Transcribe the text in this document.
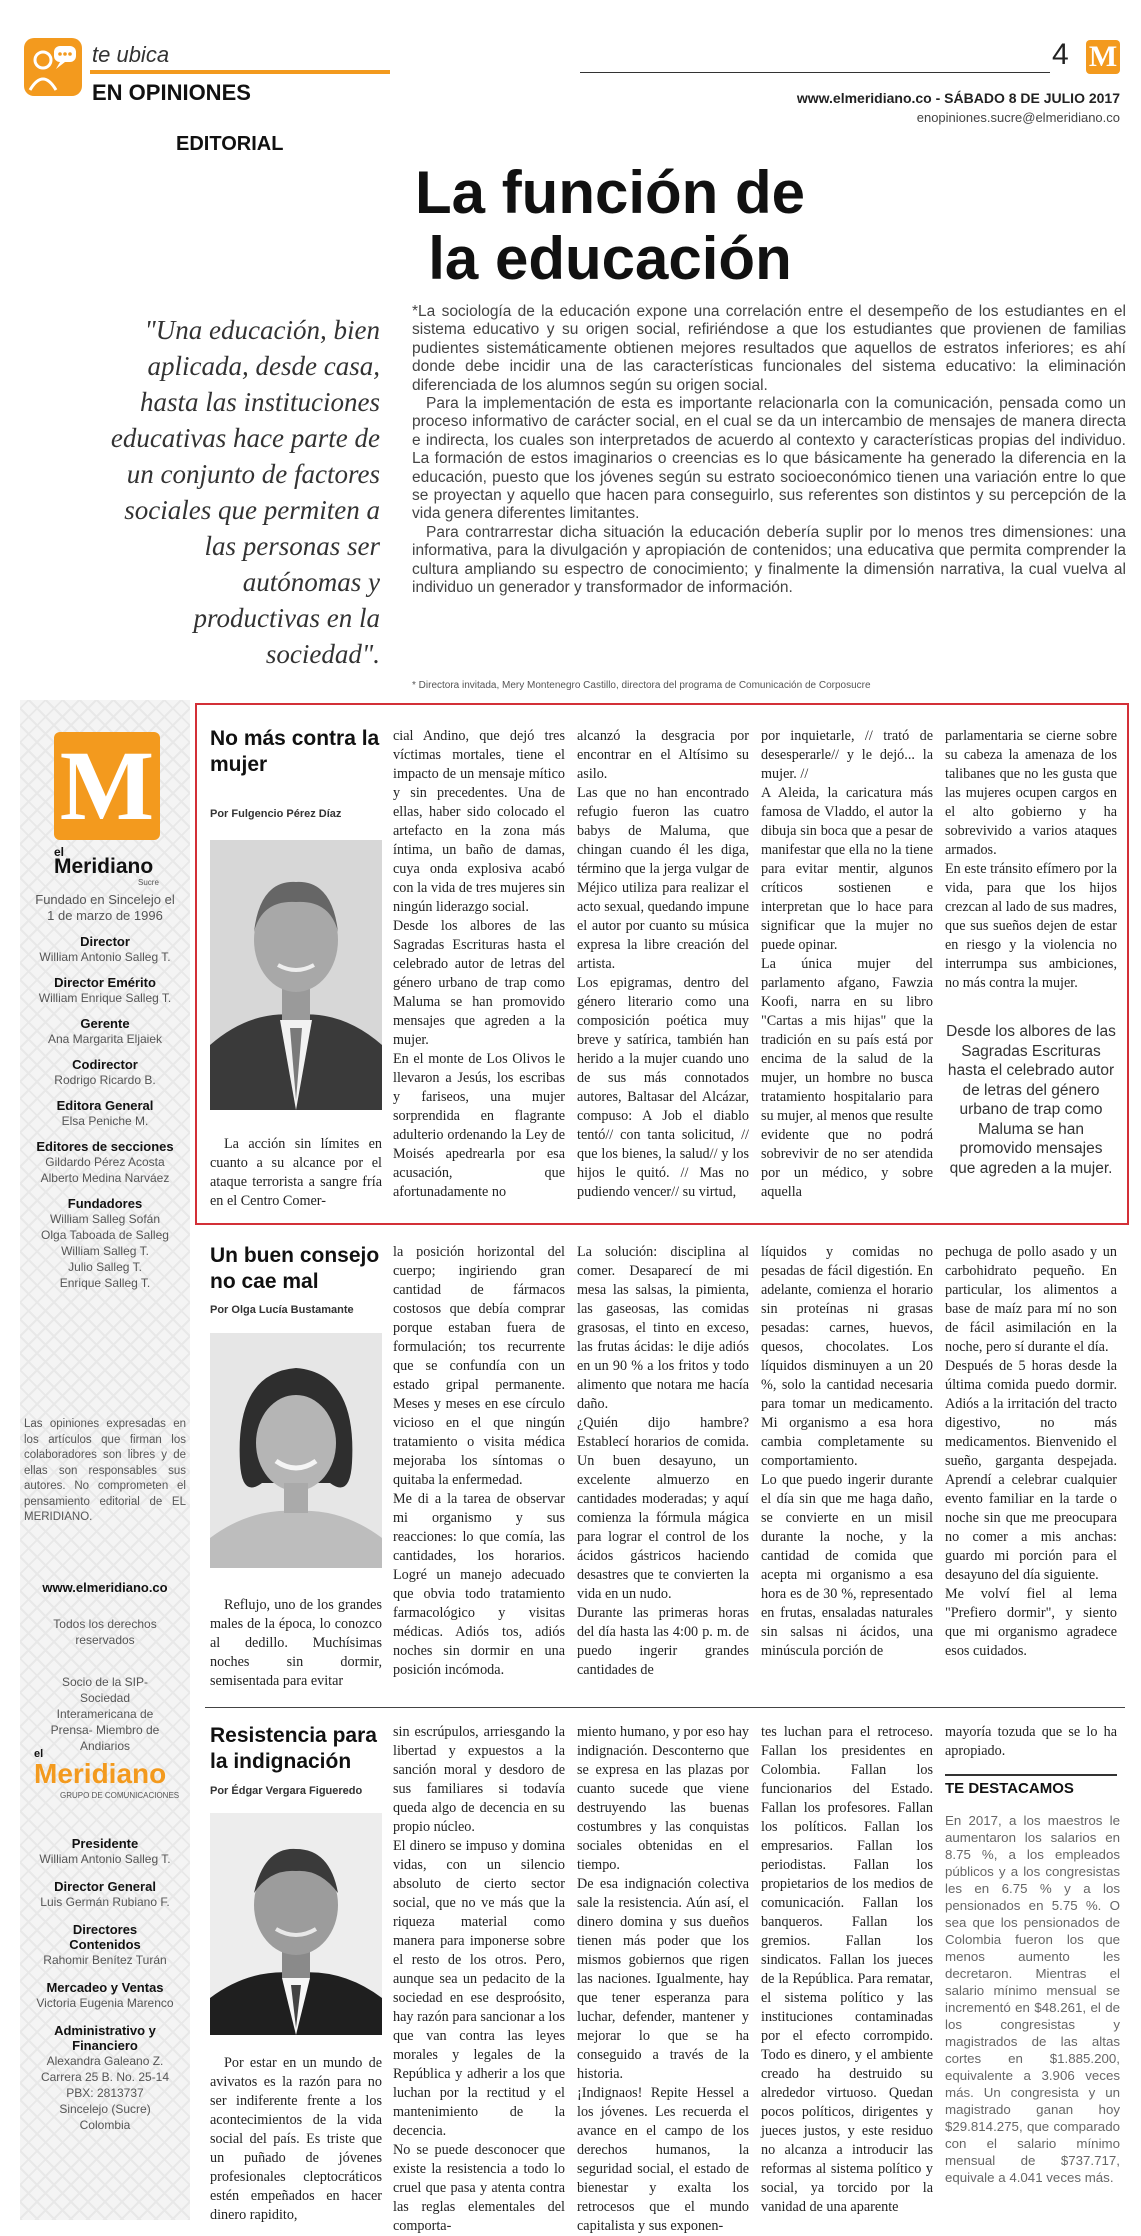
te ubica
EN OPINIONES
4 M
www.elmeridiano.co - SÁBADO 8 DE JULIO 2017
enopiniones.sucre@elmeridiano.co
EDITORIAL
La función de
la educación
"Una educación, bien aplicada, desde casa, hasta las instituciones educativas hace parte de un conjunto de factores sociales que permiten a las personas ser autónomas y productivas en la sociedad".

*La sociología de la educación expone una correlación entre el desempeño de los estudiantes en el sistema educativo y su origen social, refiriéndose a que los estudiantes que provienen de familias pudientes sistemáticamente obtienen mejores resultados que aquellos de estratos inferiores; es ahí donde debe incidir una de las características funcionales del sistema educativo: la eliminación diferenciada de los alumnos según su origen social.

Para la implementación de esta es importante relacionarla con la comunicación, pensada como un proceso informativo de carácter social, en el cual se da un intercambio de mensajes de manera directa e indirecta, los cuales son interpretados de acuerdo al contexto y características propias del individuo. La formación de estos imaginarios o creencias es lo que básicamente ha generado la diferencia en la educación, puesto que los jóvenes según su estrato socioeconómico tienen una variación entre lo que se proyectan y aquello que hacen para conseguirlo, sus referentes son distintos y su percepción de la vida genera diferentes limitantes.

Para contrarrestar dicha situación la educación debería suplir por lo menos tres dimensiones: una informativa, para la divulgación y apropiación de contenidos; una educativa que permita comprender la cultura ampliando su espectro de conocimiento; y finalmente la dimensión narrativa, la cual vuelva al individuo un generador y transformador de información.

* Directora invitada, Mery Montenegro Castillo, directora del programa de Comunicación de Corposucre
M
el
Meridiano
Sucre
Fundado en Sincelejo el 1 de marzo de 1996
Director
William Antonio Salleg T.
Director Emérito
William Enrique Salleg T.
Gerente
Ana Margarita Eljaiek
Codirector
Rodrigo Ricardo B.
Editora General
Elsa Peniche M.
Editores de secciones
Gildardo Pérez Acosta
Alberto Medina Narváez
Fundadores
William Salleg Sofán
Olga Taboada de Salleg
William Salleg T.
Julio Salleg T.
Enrique Salleg T.
Las opiniones expresadas en los artículos que firman los colaboradores son libres y de ellas son responsables sus autores. No comprometen el pensamiento editorial de EL MERIDIANO.
www.elmeridiano.co
Todos los derechos reservados
Socio de la SIP- Sociedad Interamericana de Prensa- Miembro de Andiarios
el
Meridiano
GRUPO DE COMUNICACIONES
Presidente
William Antonio Salleg T.
Director General
Luis Germán Rubiano F.
Directores Contenidos
Rahomir Benítez Turán
Mercadeo y Ventas
Victoria Eugenia Marenco
Administrativo y Financiero
Alexandra Galeano Z.
Carrera 25 B. No. 25-14
PBX: 2813737
Sincelejo (Sucre)
Colombia
No más contra la mujer
Por Fulgencio Pérez Díaz

La acción sin límites en cuanto a su alcance por el ataque terrorista a sangre fría en el Centro Comer-

cial Andino, que dejó tres víctimas mortales, tiene el impacto de un mensaje mítico y sin precedentes. Una de ellas, haber sido colocado el artefacto en la zona más íntima, un baño de damas, cuya onda explosiva acabó con la vida de tres mujeres sin ningún liderazgo social.
Desde los albores de las Sagradas Escrituras hasta el celebrado autor de letras del género urbano de trap como Maluma se han promovido mensajes que agreden a la mujer.
En el monte de Los Olivos le llevaron a Jesús, los escribas y fariseos, una mujer sorprendida en flagrante adulterio ordenando la Ley de Moisés apedrearla por esa acusación, que afortunadamente no

alcanzó la desgracia por encontrar en el Altísimo su asilo.
Las que no han encontrado refugio fueron las cuatro babys de Maluma, que chingan cuando él les diga, término que la jerga vulgar de Méjico utiliza para realizar el acto sexual, quedando impune el autor por cuanto su música expresa la libre creación del artista.
Los epigramas, dentro del género literario como una composición poética muy breve y satírica, también han herido a la mujer cuando uno de sus más connotados autores, Baltasar del Alcázar, compuso: A Job el diablo tentó// con tanta solicitud, // que los bienes, la salud// y los hijos le quitó. // Mas no pudiendo vencer// su virtud,

por inquietarle, // trató de desesperarle// y le dejó... la mujer. //
A Aleida, la caricatura más famosa de Vladdo, el autor la dibuja sin boca que a pesar de manifestar que ella no la tiene para evitar mentir, algunos críticos sostienen e interpretan que lo hace para significar que la mujer no puede opinar.
La única mujer del parlamento afgano, Fawzia Koofi, narra en su libro "Cartas a mis hijas" que la tradición en su país está por encima de la salud de la mujer, un hombre no busca tratamiento hospitalario para su mujer, al menos que resulte evidente que no podrá sobrevivir de no ser atendida por un médico, y sobre aquella

parlamentaria se cierne sobre su cabeza la amenaza de los talibanes que no les gusta que las mujeres ocupen cargos en el alto gobierno y ha sobrevivido a varios ataques armados.
En este tránsito efímero por la vida, para que los hijos crezcan al lado de sus madres, que sus sueños dejen de estar en riesgo y la violencia no interrumpa sus ambiciones, no más contra la mujer.

Desde los albores de las Sagradas Escrituras hasta el celebrado autor de letras del género urbano de trap como Maluma se han promovido mensajes que agreden a la mujer.
Un buen consejo no cae mal
Por Olga Lucía Bustamante

Reflujo, uno de los grandes males de la época, lo conozco al dedillo. Muchísimas noches sin dormir, semisentada para evitar

la posición horizontal del cuerpo; ingiriendo gran cantidad de fármacos costosos que debía comprar porque estaban fuera de formulación; tos recurrente que se confundía con un estado gripal permanente. Meses y meses en ese círculo vicioso en el que ningún tratamiento o visita médica mejoraba los síntomas o quitaba la enfermedad.
Me di a la tarea de observar mi organismo y sus reacciones: lo que comía, las cantidades, los horarios. Logré un manejo adecuado que obvia todo tratamiento farmacológico y visitas médicas. Adiós tos, adiós noches sin dormir en una posición incómoda.

La solución: disciplina al comer. Desaparecí de mi mesa las salsas, la pimienta, las gaseosas, las comidas grasosas, el tinto en exceso, las frutas ácidas: le dije adiós en un 90 % a los fritos y todo alimento que notara me hacía daño.
¿Quién dijo hambre? Establecí horarios de comida. Un buen desayuno, un excelente almuerzo en cantidades moderadas; y aquí comienza la fórmula mágica para lograr el control de los ácidos gástricos haciendo desastres que te convierten la vida en un nudo.
Durante las primeras horas del día hasta las 4:00 p. m. de puedo ingerir grandes cantidades de

líquidos y comidas no pesadas de fácil digestión. En adelante, comienza el horario sin proteínas ni grasas pesadas: carnes, huevos, quesos, chocolates. Los líquidos disminuyen a un 20 %, solo la cantidad necesaria para tomar un medicamento. Mi organismo a esa hora cambia completamente su comportamiento.
Lo que puedo ingerir durante el día sin que me haga daño, se convierte en un misil durante la noche, y la cantidad de comida que acepta mi organismo a esa hora es de 30 %, representado en frutas, ensaladas naturales sin salsas ni ácidos, una minúscula porción de

pechuga de pollo asado y un carbohidrato pequeño. En particular, los alimentos a base de maíz para mí no son de fácil asimilación en la noche, pero sí durante el día.
Después de 5 horas desde la última comida puedo dormir. Adiós a la irritación del tracto digestivo, no más medicamentos. Bienvenido el sueño, garganta despejada. Aprendí a celebrar cualquier evento familiar en la tarde o noche sin que me preocupara no comer a mis anchas: guardo mi porción para el desayuno del día siguiente.
Me volví fiel al lema "Prefiero dormir", y siento que mi organismo agradece esos cuidados.

Resistencia para la indignación
Por Édgar Vergara Figueredo

Por estar en un mundo de avivatos es la razón para no ser indiferente frente a los acontecimientos de la vida social del país. Es triste que un puñado de jóvenes profesionales cleptocráticos estén empeñados en hacer dinero rapidito,

sin escrúpulos, arriesgando la libertad y expuestos a la sanción moral y desdoro de sus familiares si todavía queda algo de decencia en su propio núcleo.
El dinero se impuso y domina vidas, con un silencio absoluto de cierto sector social, que no ve más que la riqueza material como manera para imponerse sobre el resto de los otros. Pero, aunque sea un pedacito de la sociedad en ese desproósito, hay razón para sancionar a los que van contra las leyes morales y legales de la República y adherir a los que luchan por la rectitud y el mantenimiento de la decencia.
No se puede desconocer que existe la resistencia a todo lo cruel que pasa y atenta contra las reglas elementales del comporta-

miento humano, y por eso hay indignación. Desconterno que se expresa en las plazas por cuanto sucede que viene destruyendo las buenas costumbres y las conquistas sociales obtenidas en el tiempo.
De esa indignación colectiva sale la resistencia. Aún así, el dinero domina y sus dueños tienen más poder que los mismos gobiernos que rigen las naciones. Igualmente, hay que tener esperanza para luchar, defender, mantener y mejorar lo que se ha conseguido a través de la historia.
¡Indignaos! Repite Hessel a los jóvenes. Les recuerda el avance en el campo de los derechos humanos, la seguridad social, el estado de bienestar y exalta los retrocesos que el mundo capitalista y sus exponen-

tes luchan para el retroceso. Fallan los presidentes en Colombia. Fallan los funcionarios del Estado. Fallan los profesores. Fallan los políticos. Fallan los empresarios. Fallan los periodistas. Fallan los propietarios de los medios de comunicación. Fallan los banqueros. Fallan los gremios. Fallan los sindicatos. Fallan los jueces de la República. Para rematar, el sistema político y las instituciones contaminadas por el efecto corrompido. Todo es dinero, y el ambiente creado ha destruido su alrededor virtuoso. Quedan pocos políticos, dirigentes y jueces justos, y este residuo no alcanza a introducir las reformas al sistema político y social, ya torcido por la vanidad de una aparente

mayoría tozuda que se lo ha apropiado.

TE DESTACAMOS
En 2017, a los maestros le aumentaron los salarios en 8.75 %, a los empleados públicos y a los congresistas les en 6.75 % y a los pensionados en 5.75 %. O sea que los pensionados de Colombia fueron los que menos aumento les decretaron. Mientras el salario mínimo mensual se incrementó en $48.261, el de los congresistas y magistrados de las altas cortes en $1.885.200, equivalente a 3.906 veces más. Un congresista y un magistrado ganan hoy $29.814.275, que comparado con el salario mínimo mensual de $737.717, equivale a 4.041 veces más.
